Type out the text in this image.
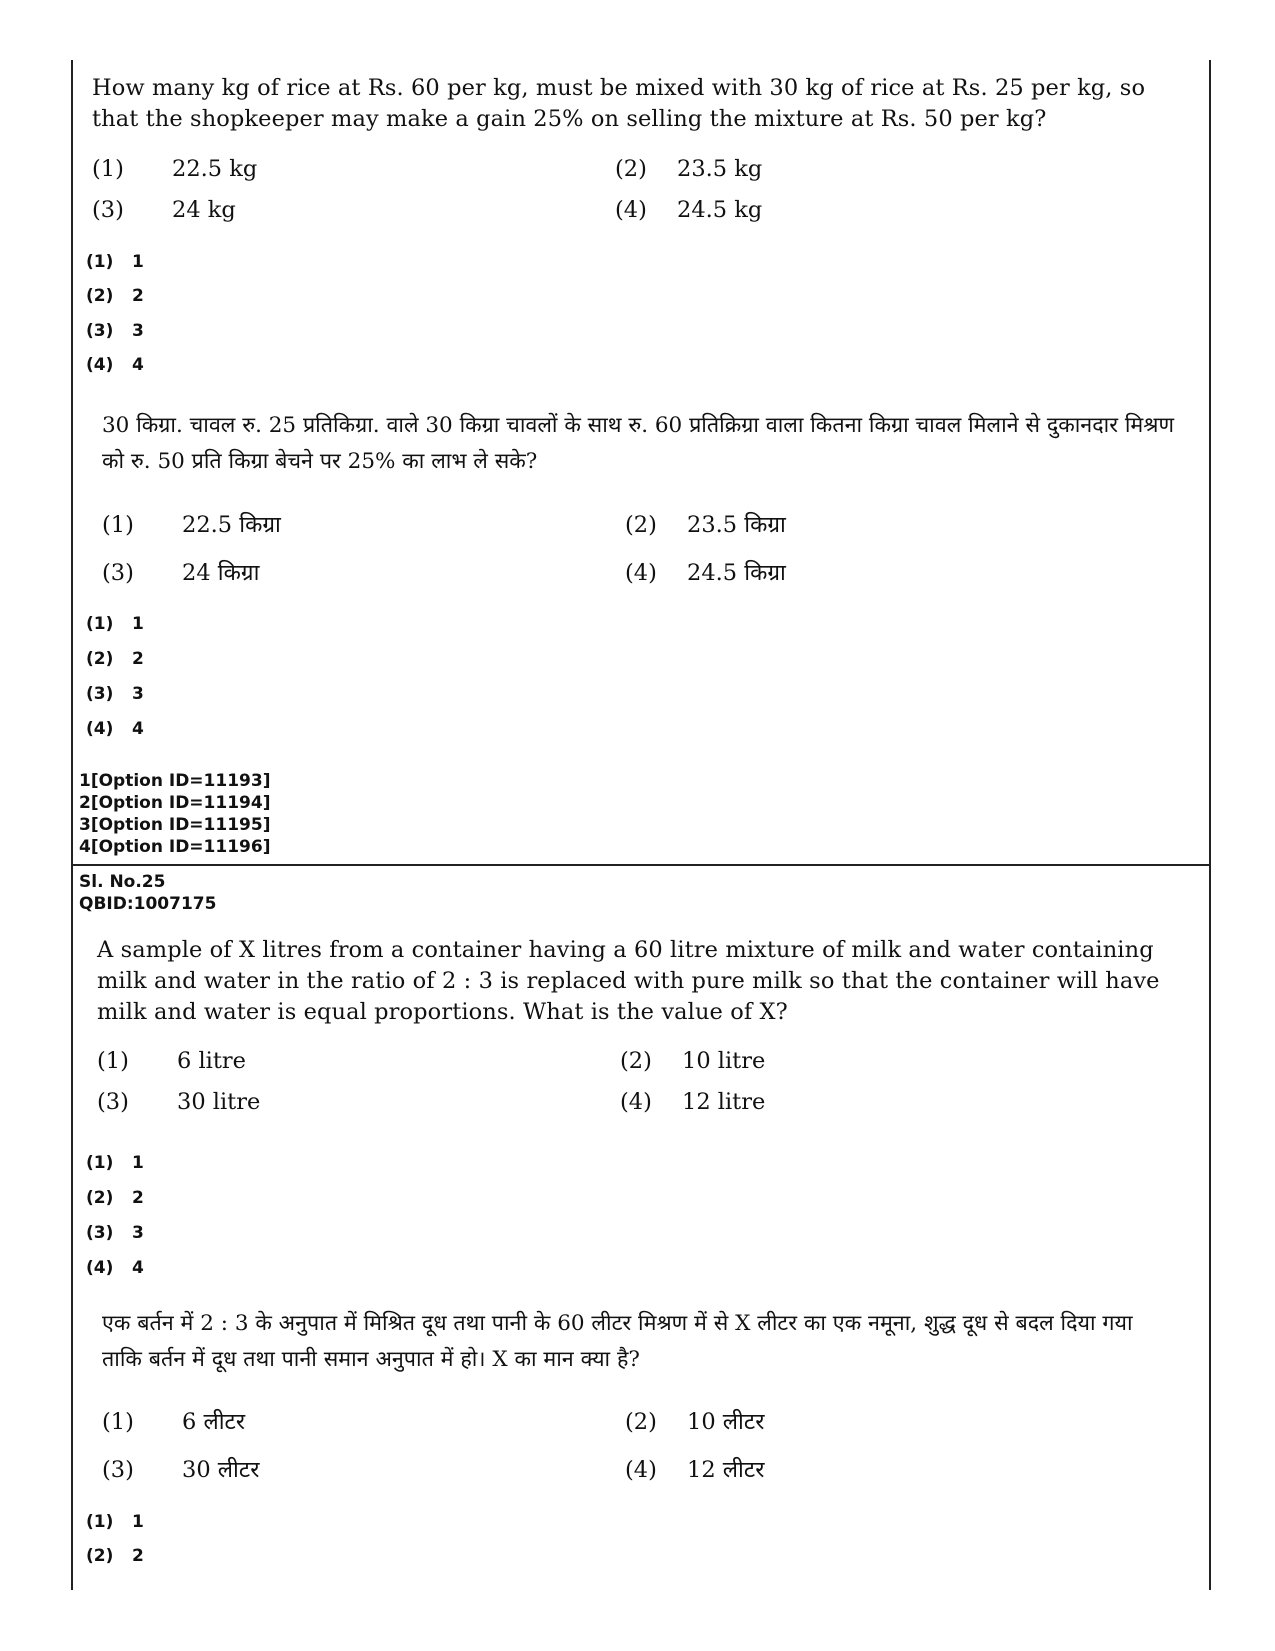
How many kg of rice at Rs. 60 per kg, must be mixed with 30 kg of rice at Rs. 25 per kg, so that the shopkeeper may make a gain 25% on selling the mixture at Rs. 50 per kg?
(1) 22.5 kg	(2) 23.5 kg
(3) 24 kg	(4) 24.5 kg
(1) 1
(2) 2
(3) 3
(4) 4
30 किग्रा. चावल रु. 25 प्रतिकिग्रा. वाले 30 किग्रा चावलों के साथ रु. 60 प्रतिक्रिग्रा वाला कितना किग्रा चावल मिलाने से दुकानदार मिश्रण को रु. 50 प्रति किग्रा बेचने पर 25% का लाभ ले सके?
(1) 22.5 किग्रा	(2) 23.5 किग्रा
(3) 24 किग्रा	(4) 24.5 किग्रा
(1) 1
(2) 2
(3) 3
(4) 4
1[Option ID=11193]
2[Option ID=11194]
3[Option ID=11195]
4[Option ID=11196]
Sl. No.25
QBID:1007175
A sample of X litres from a container having a 60 litre mixture of milk and water containing milk and water in the ratio of 2 : 3 is replaced with pure milk so that the container will have milk and water is equal proportions. What is the value of X?
(1) 6 litre	(2) 10 litre
(3) 30 litre	(4) 12 litre
(1) 1
(2) 2
(3) 3
(4) 4
एक बर्तन में 2 : 3 के अनुपात में मिश्रित दूध तथा पानी के 60 लीटर मिश्रण में से X लीटर का एक नमूना, शुद्ध दूध से बदल दिया गया ताकि बर्तन में दूध तथा पानी समान अनुपात में हो। X का मान क्या है?
(1) 6 लीटर	(2) 10 लीटर
(3) 30 लीटर	(4) 12 लीटर
(1) 1
(2) 2
